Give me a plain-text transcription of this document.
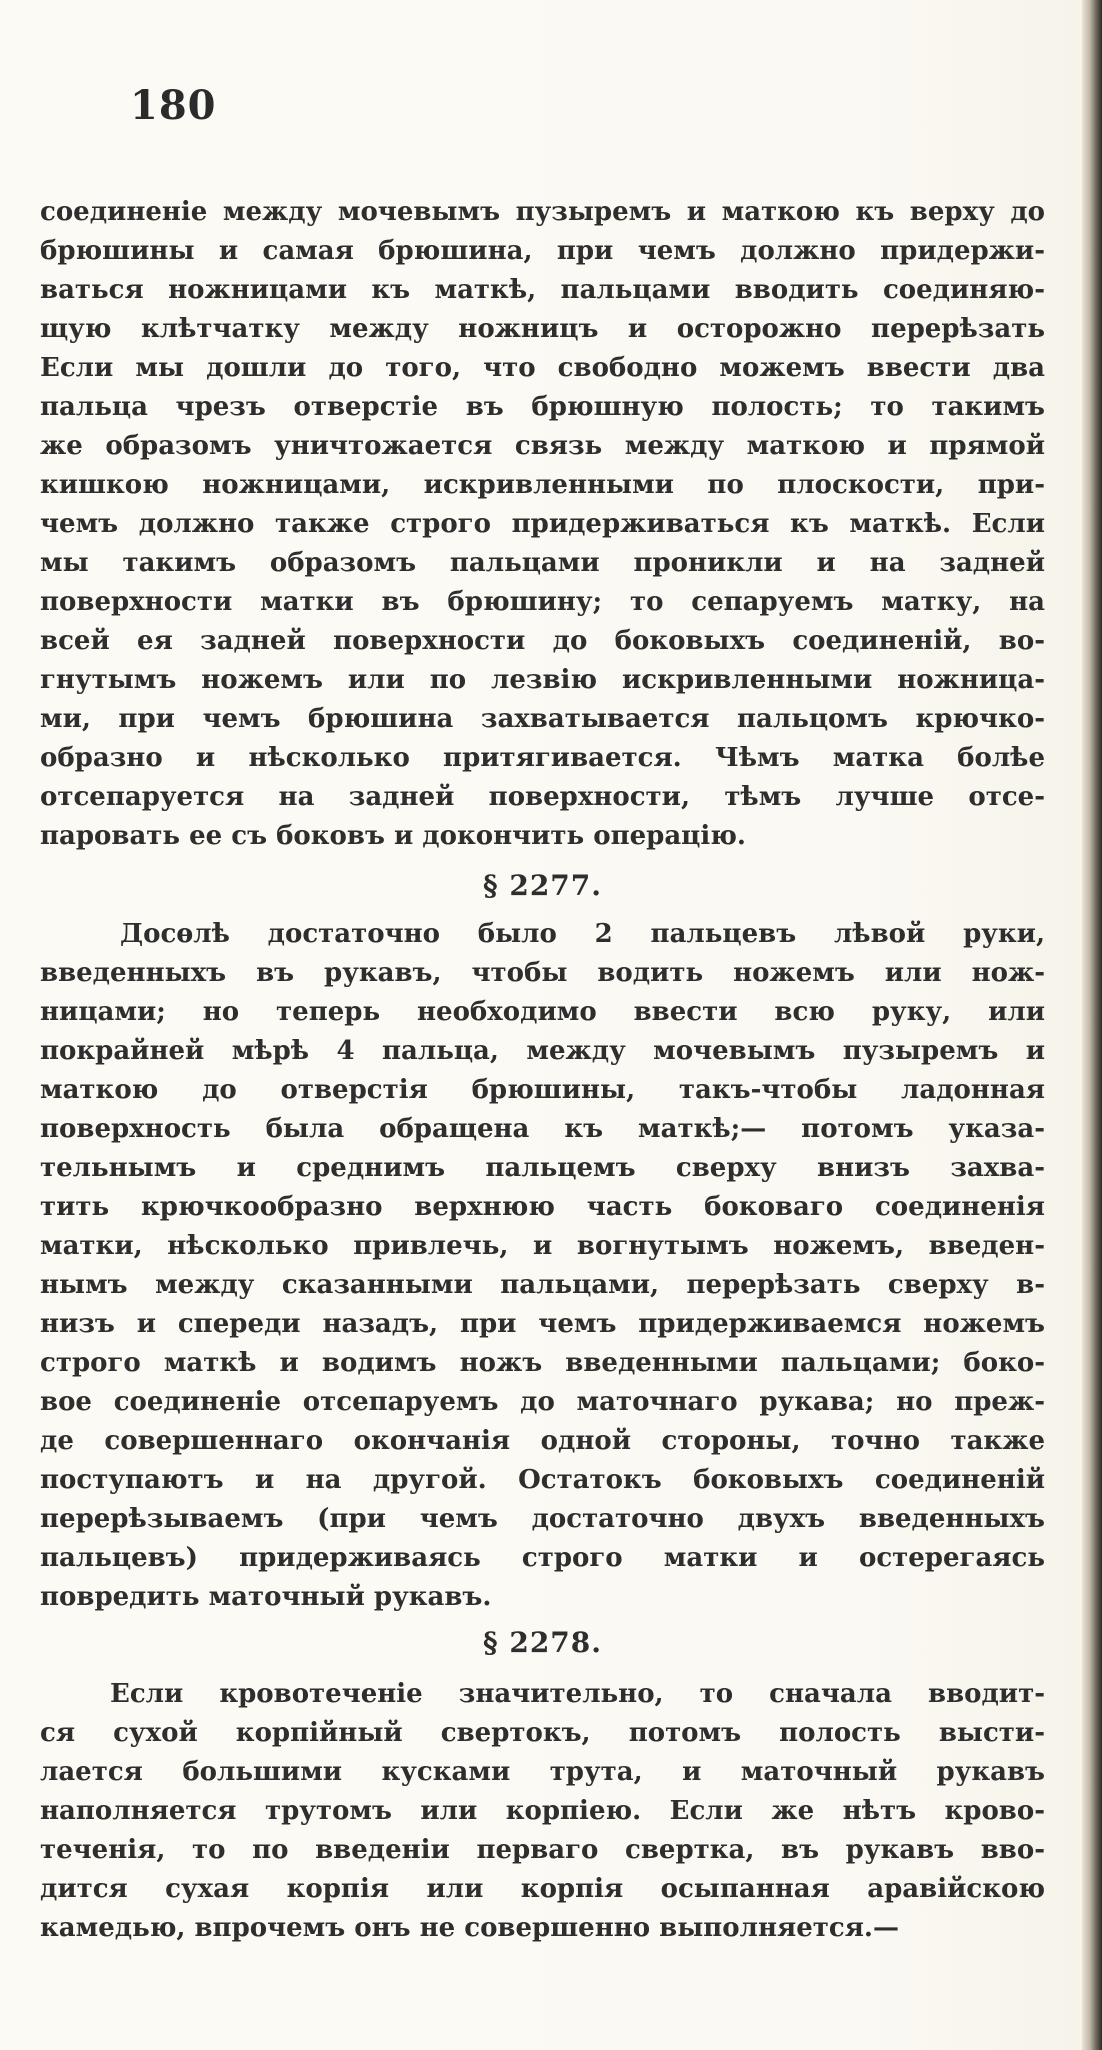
180
соединенiе между мочевымъ пузыремъ и маткою къ верху до
брюшины и самая брюшина, при чемъ должно придержи-
ваться ножницами къ маткѣ, пальцами вводить соединяю-
щую клѣтчатку между ножницъ и осторожно перерѣзать
Если мы дошли до того, что свободно можемъ ввести два
пальца чрезъ отверстiе въ брюшную полость; то такимъ
же образомъ уничтожается связь между маткою и прямой
кишкою ножницами, искривленными по плоскости, при-
чемъ должно также строго придерживаться къ маткѣ. Если
мы такимъ образомъ пальцами проникли и на задней
поверхности матки въ брюшину; то сепаруемъ матку, на
всей ея задней поверхности до боковыхъ соединенiй, во-
гнутымъ ножемъ или по лезвiю искривленными ножница-
ми, при чемъ брюшина захватывается пальцомъ крючко-
образно и нѣсколько притягивается. Чѣмъ матка болѣе
отсепаруется на задней поверхности, тѣмъ лучше отсе-
паровать ее съ боковъ и докончить операцiю.
§ 2277.
Досѳлѣ достаточно было 2 пальцевъ лѣвой руки,
введенныхъ въ рукавъ, чтобы водить ножемъ или нож-
ницами; но теперь необходимо ввести всю руку, или
покрайней мѣрѣ 4 пальца, между мочевымъ пузыремъ и
маткою до отверстiя брюшины, такъ-чтобы ладонная
поверхность была обращена къ маткѣ;— потомъ указа-
тельнымъ и среднимъ пальцемъ сверху внизъ захва-
тить крючкообразно верхнюю часть боковаго соединенiя
матки, нѣсколько привлечь, и вогнутымъ ножемъ, введен-
нымъ между сказанными пальцами, перерѣзать сверху в-
низъ и спереди назадъ, при чемъ придерживаемся ножемъ
строго маткѣ и водимъ ножъ введенными пальцами; боко-
вое соединенiе отсепаруемъ до маточнаго рукава; но преж-
де совершеннаго окончанiя одной стороны, точно также
поступаютъ и на другой. Остатокъ боковыхъ соединенiй
перерѣзываемъ (при чемъ достаточно двухъ введенныхъ
пальцевъ) придерживаясь строго матки и остерегаясь
повредить маточный рукавъ.
§ 2278.
Если кровотеченiе значительно, то сначала вводит-
ся сухой корпiйный свертокъ, потомъ полость высти-
лается большими кусками трута, и маточный рукавъ
наполняется трутомъ или корпiею. Если же нѣтъ крово-
теченiя, то по введенiи перваго свертка, въ рукавъ вво-
дится сухая корпiя или корпiя осыпанная аравiйскою
камедью, впрочемъ онъ не совершенно выполняется.—
